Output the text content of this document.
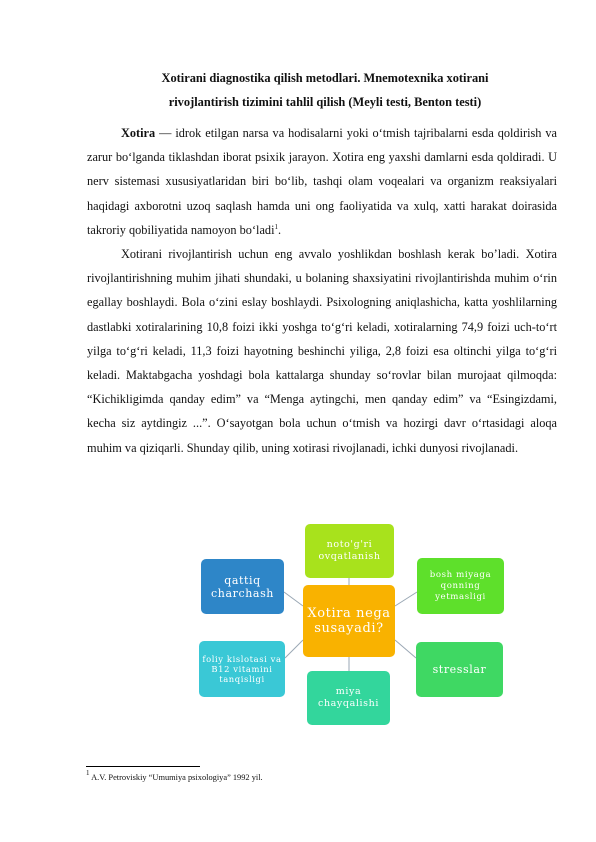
Xotirani diagnostika qilish metodlari. Mnemotexnika xotirani
rivojlantirish tizimini tahlil qilish (Meyli testi, Benton testi)

Xotira — idrok etilgan narsa va hodisalarni yoki o‘tmish tajribalarni esda qoldirish va zarur bo‘lganda tiklashdan iborat psixik jarayon. Xotira eng yaxshi damlarni esda qoldiradi. U nerv sistemasi xususiyatlaridan biri bo‘lib, tashqi olam voqealari va organizm reaksiyalari haqidagi axborotni uzoq saqlash hamda uni ong faoliyatida va xulq, xatti harakat doirasida takroriy qobiliyatida namoyon bo‘ladi$^1$.

Xotirani rivojlantirish uchun eng avvalo yoshlikdan boshlash kerak bo’ladi. Xotira rivojlantirishning muhim jihati shundaki, u bolaning shaxsiyatini rivojlantirishda muhim o‘rin egallay boshlaydi. Bola o‘zini eslay boshlaydi. Psixologning aniqlashicha, katta yoshlilarning dastlabki xotiralarining 10,8 foizi ikki yoshga to‘g‘ri keladi, xotiralarning 74,9 foizi uch-to‘rt yilga to‘g‘ri keladi, 11,3 foizi hayotning beshinchi yiliga, 2,8 foizi esa oltinchi yilga to‘g‘ri keladi. Maktabgacha yoshdagi bola kattalarga shunday so‘rovlar bilan murojaat qilmoqda: “Kichikligimda qanday edim” va “Menga aytingchi, men qanday edim” va “Esingizdami, kecha siz aytdingiz ...”. O‘sayotgan bola uchun o‘tmish va hozirgi davr o‘rtasidagi aloqa muhim va qiziqarli. Shunday qilib, uning xotirasi rivojlanadi, ichki dunyosi rivojlanadi.

noto'g'ri ovqatlanish
bosh miyaga qonning yetmasligi
stresslar
miya chayqalishi
foliy kislotasi va B12 vitamini tanqisligi
qattiq charchash
Xotira nega susayadi?
$^1$ A.V. Petroviskiy “Umumiya psixologiya” 1992 yil.
